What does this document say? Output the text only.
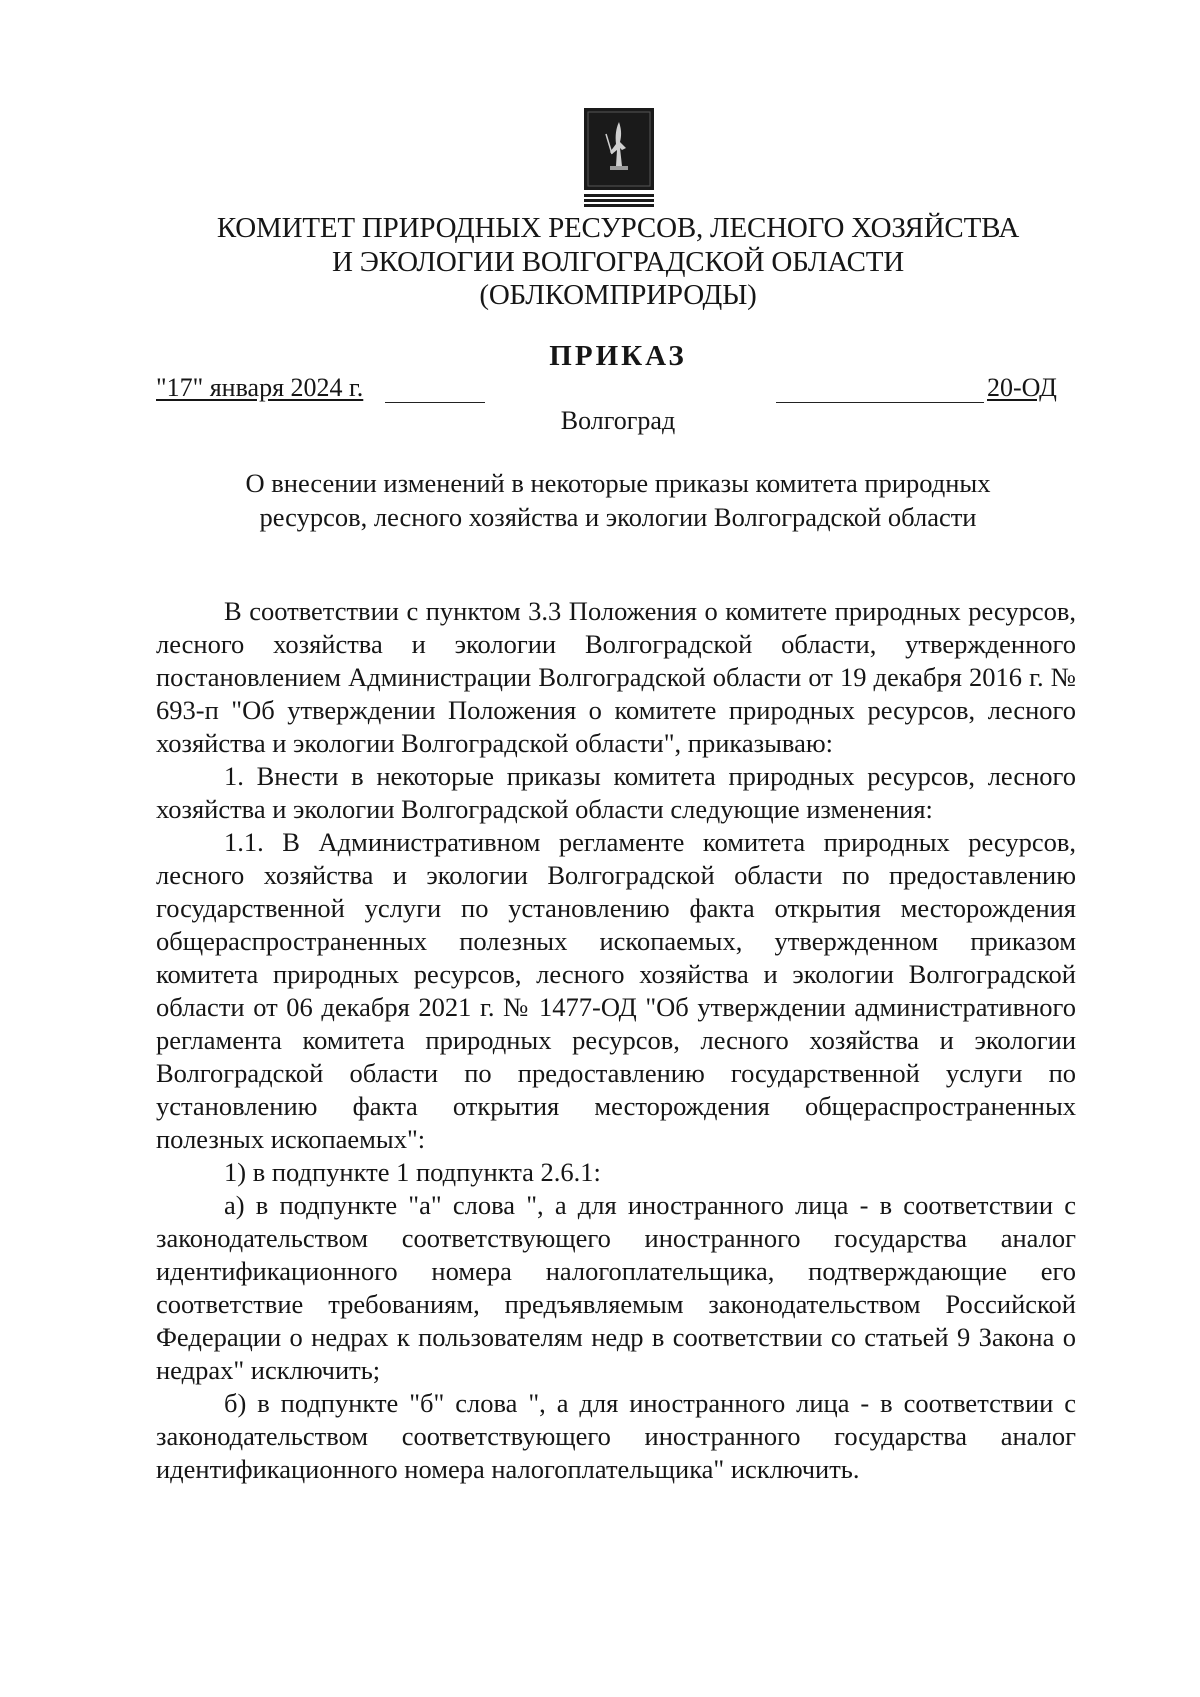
КОМИТЕТ ПРИРОДНЫХ РЕСУРСОВ, ЛЕСНОГО ХОЗЯЙСТВА
И ЭКОЛОГИИ ВОЛГОГРАДСКОЙ ОБЛАСТИ
(ОБЛКОМПРИРОДЫ)
ПРИКАЗ
"17" января 2024 г.	20-ОД
Волгоград
О внесении изменений в некоторые приказы комитета природных
ресурсов, лесного хозяйства и экологии Волгоградской области

В соответствии с пунктом 3.3 Положения о комитете природных ресурсов, лесного хозяйства и экологии Волгоградской области, утвержденного постановлением Администрации Волгоградской области от 19 декабря 2016 г. № 693-п "Об утверждении Положения о комитете природных ресурсов, лесного хозяйства и экологии Волгоградской области", приказываю:

1. Внести в некоторые приказы комитета природных ресурсов, лесного хозяйства и экологии Волгоградской области следующие изменения:

1.1. В Административном регламенте комитета природных ресурсов, лесного хозяйства и экологии Волгоградской области по предоставлению государственной услуги по установлению факта открытия месторождения общераспространенных полезных ископаемых, утвержденном приказом комитета природных ресурсов, лесного хозяйства и экологии Волгоградской области от 06 декабря 2021 г. № 1477-ОД "Об утверждении административного регламента комитета природных ресурсов, лесного хозяйства и экологии Волгоградской области по предоставлению государственной услуги по установлению факта открытия месторождения общераспространенных полезных ископаемых":

1) в подпункте 1 подпункта 2.6.1:

а) в подпункте "а" слова ", а для иностранного лица - в соответствии с законодательством соответствующего иностранного государства аналог идентификационного номера налогоплательщика, подтверждающие его соответствие требованиям, предъявляемым законодательством Российской Федерации о недрах к пользователям недр в соответствии со статьей 9 Закона о недрах" исключить;

б) в подпункте "б" слова ", а для иностранного лица - в соответствии с законодательством соответствующего иностранного государства аналог идентификационного номера налогоплательщика" исключить.
